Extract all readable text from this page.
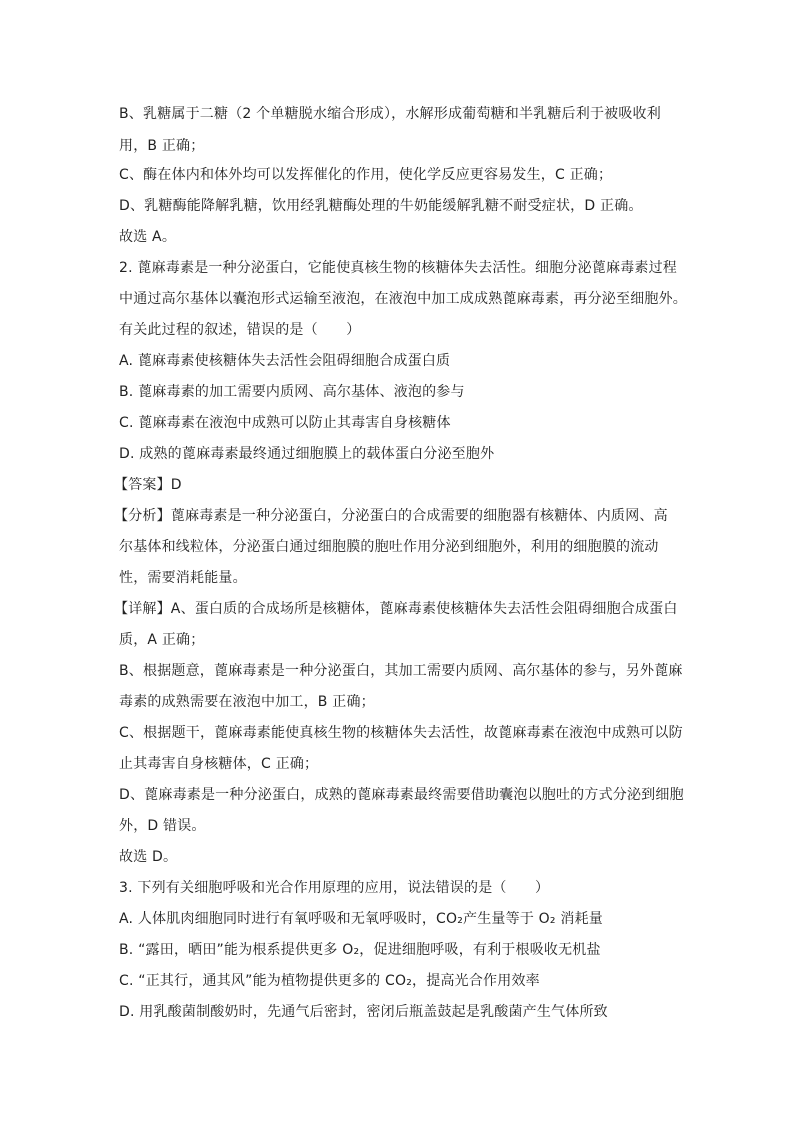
B、乳糖属于二糖（2 个单糖脱水缩合形成），水解形成葡萄糖和半乳糖后利于被吸收利
用，B 正确；
C、酶在体内和体外均可以发挥催化的作用，使化学反应更容易发生，C 正确；
D、乳糖酶能降解乳糖，饮用经乳糖酶处理的牛奶能缓解乳糖不耐受症状，D 正确。
故选 A。
2. 蓖麻毒素是一种分泌蛋白，它能使真核生物的核糖体失去活性。细胞分泌蓖麻毒素过程
中通过高尔基体以囊泡形式运输至液泡，在液泡中加工成成熟蓖麻毒素，再分泌至细胞外。
有关此过程的叙述，错误的是（　　）
A. 蓖麻毒素使核糖体失去活性会阻碍细胞合成蛋白质
B. 蓖麻毒素的加工需要内质网、高尔基体、液泡的参与
C. 蓖麻毒素在液泡中成熟可以防止其毒害自身核糖体
D. 成熟的蓖麻毒素最终通过细胞膜上的载体蛋白分泌至胞外
【答案】D
【分析】蓖麻毒素是一种分泌蛋白，分泌蛋白的合成需要的细胞器有核糖体、内质网、高
尔基体和线粒体，分泌蛋白通过细胞膜的胞吐作用分泌到细胞外，利用的细胞膜的流动
性，需要消耗能量。
【详解】A、蛋白质的合成场所是核糖体，蓖麻毒素使核糖体失去活性会阻碍细胞合成蛋白
质，A 正确；
B、根据题意，蓖麻毒素是一种分泌蛋白，其加工需要内质网、高尔基体的参与，另外蓖麻
毒素的成熟需要在液泡中加工，B 正确；
C、根据题干，蓖麻毒素能使真核生物的核糖体失去活性，故蓖麻毒素在液泡中成熟可以防
止其毒害自身核糖体，C 正确；
D、蓖麻毒素是一种分泌蛋白，成熟的蓖麻毒素最终需要借助囊泡以胞吐的方式分泌到细胞
外，D 错误。
故选 D。
3. 下列有关细胞呼吸和光合作用原理的应用，说法错误的是（　　）
A. 人体肌肉细胞同时进行有氧呼吸和无氧呼吸时，CO₂产生量等于 O₂ 消耗量
B. “露田，晒田”能为根系提供更多 O₂，促进细胞呼吸，有利于根吸收无机盐
C. “正其行，通其风”能为植物提供更多的 CO₂，提高光合作用效率
D. 用乳酸菌制酸奶时，先通气后密封，密闭后瓶盖鼓起是乳酸菌产生气体所致
